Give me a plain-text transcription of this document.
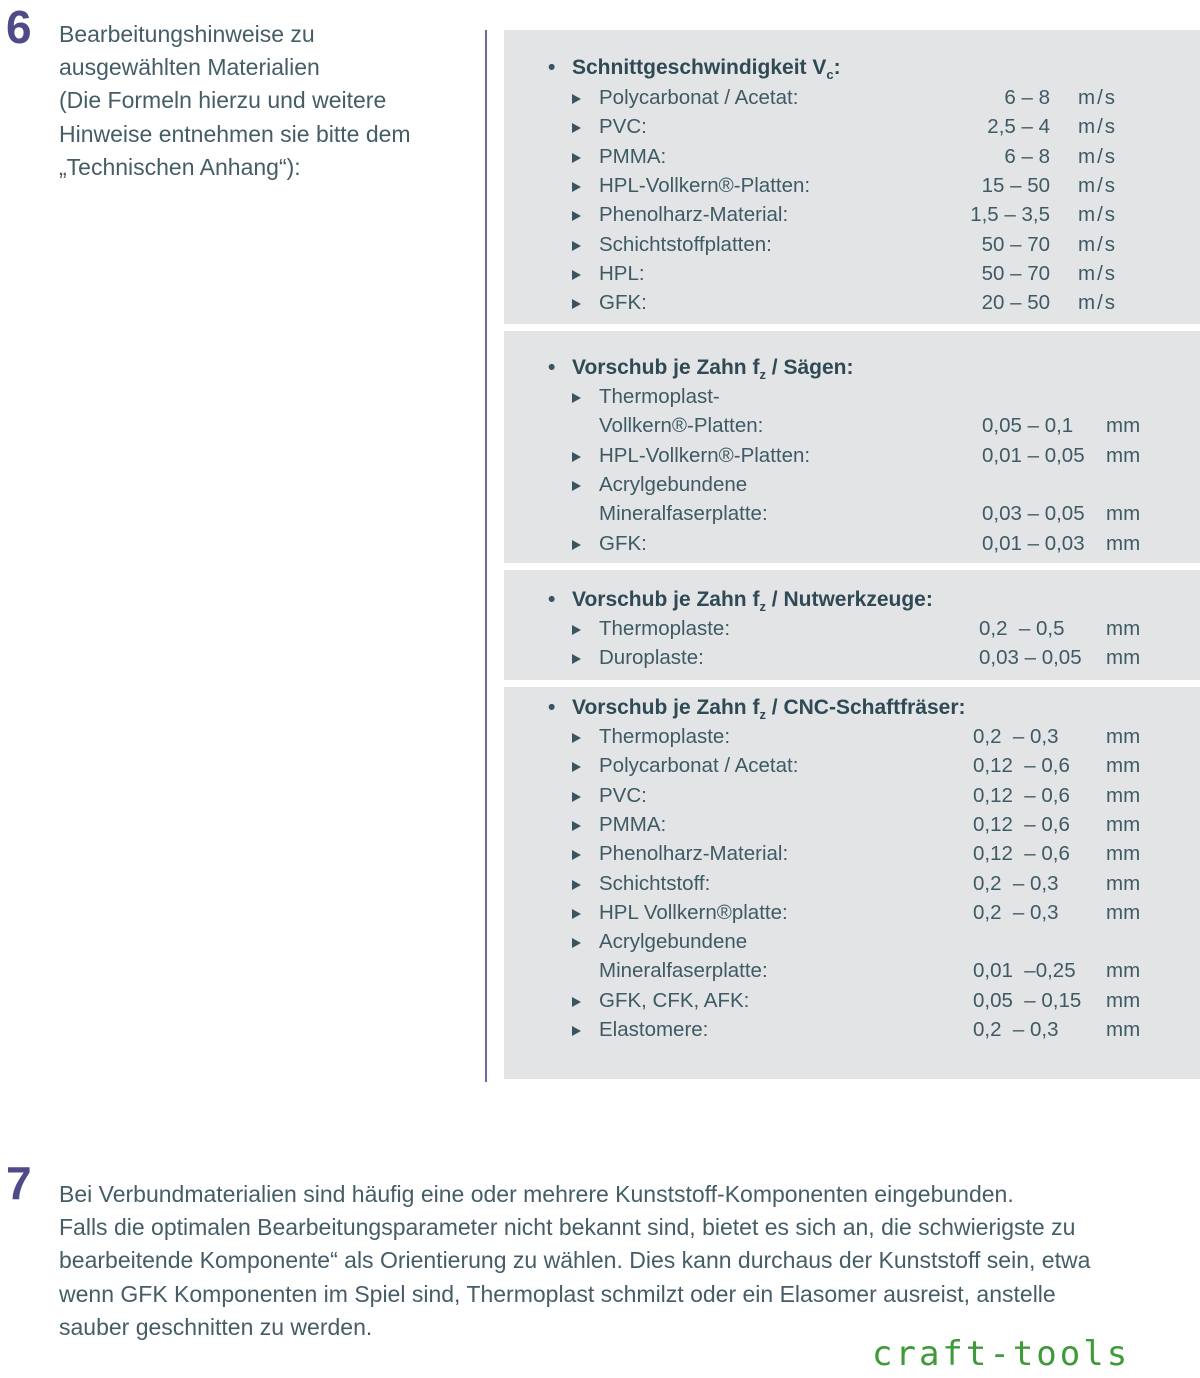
6 Bearbeitungshinweise zu
ausgewählten Materialien
(Die Formeln hierzu und weitere
Hinweise entnehmen sie bitte dem
„Technischen Anhang“):
• Schnittgeschwindigkeit $V_c$:
Polycarbonat / Acetat:	6 – 8 m/s
PVC:	2,5 – 4 m/s
PMMA:	6 – 8 m/s
HPL-Vollkern®-Platten:	15 – 50 m/s
Phenolharz-Material:	1,5 – 3,5 m/s
Schichtstoffplatten:	50 – 70 m/s
HPL:	50 – 70 m/s
GFK:	20 – 50 m/s
• Vorschub je Zahn $f_z$ / Sägen:
Thermoplast-
Vollkern®-Platten:	0,05 – 0,1 mm
HPL-Vollkern®-Platten:	0,01 – 0,05 mm
Acrylgebundene
Mineralfaserplatte:	0,03 – 0,05 mm
GFK:	0,01 – 0,03 mm
• Vorschub je Zahn $f_z$ / Nutwerkzeuge:
Thermoplaste:	0,2  – 0,5 mm
Duroplaste:	0,03 – 0,05 mm
• Vorschub je Zahn $f_z$ / CNC-Schaftfräser:
Thermoplaste:	0,2  – 0,3 mm
Polycarbonat / Acetat:	0,12  – 0,6 mm
PVC:	0,12  – 0,6 mm
PMMA:	0,12  – 0,6 mm
Phenolharz-Material:	0,12  – 0,6 mm
Schichtstoff:	0,2  – 0,3 mm
HPL Vollkern®platte:	0,2  – 0,3 mm
Acrylgebundene
Mineralfaserplatte:	0,01  –0,25 mm
GFK, CFK, AFK:	0,05  – 0,15 mm
Elastomere:	0,2  – 0,3 mm
7 Bei Verbundmaterialien sind häufig eine oder mehrere Kunststoff-Komponenten eingebunden.
Falls die optimalen Bearbeitungsparameter nicht bekannt sind, bietet es sich an, die schwierigste zu
bearbeitende Komponente“ als Orientierung zu wählen. Dies kann durchaus der Kunststoff sein, etwa
wenn GFK Komponenten im Spiel sind, Thermoplast schmilzt oder ein Elasomer ausreist, anstelle
sauber geschnitten zu werden.
craft-tools
